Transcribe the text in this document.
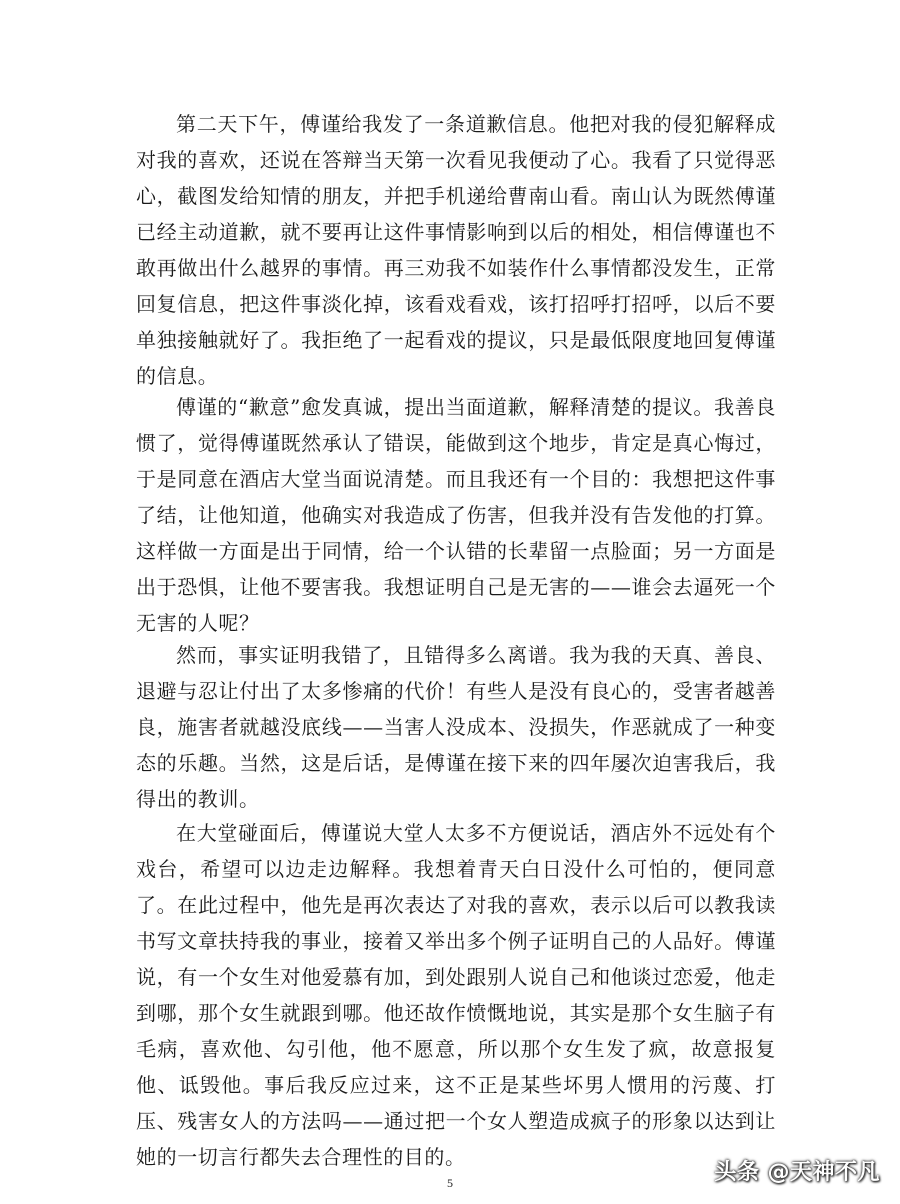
第二天下午，傅谨给我发了一条道歉信息。他把对我的侵犯解释成对我的喜欢，还说在答辩当天第一次看见我便动了心。我看了只觉得恶心，截图发给知情的朋友，并把手机递给曹南山看。南山认为既然傅谨已经主动道歉，就不要再让这件事情影响到以后的相处，相信傅谨也不敢再做出什么越界的事情。再三劝我不如装作什么事情都没发生，正常回复信息，把这件事淡化掉，该看戏看戏，该打招呼打招呼，以后不要单独接触就好了。我拒绝了一起看戏的提议，只是最低限度地回复傅谨的信息。

傅谨的“歉意”愈发真诚，提出当面道歉，解释清楚的提议。我善良惯了，觉得傅谨既然承认了错误，能做到这个地步，肯定是真心悔过，于是同意在酒店大堂当面说清楚。而且我还有一个目的：我想把这件事了结，让他知道，他确实对我造成了伤害，但我并没有告发他的打算。这样做一方面是出于同情，给一个认错的长辈留一点脸面；另一方面是出于恐惧，让他不要害我。我想证明自己是无害的——谁会去逼死一个无害的人呢？

然而，事实证明我错了，且错得多么离谱。我为我的天真、善良、退避与忍让付出了太多惨痛的代价！有些人是没有良心的，受害者越善良，施害者就越没底线——当害人没成本、没损失，作恶就成了一种变态的乐趣。当然，这是后话，是傅谨在接下来的四年屡次迫害我后，我得出的教训。

在大堂碰面后，傅谨说大堂人太多不方便说话，酒店外不远处有个戏台，希望可以边走边解释。我想着青天白日没什么可怕的，便同意了。在此过程中，他先是再次表达了对我的喜欢，表示以后可以教我读书写文章扶持我的事业，接着又举出多个例子证明自己的人品好。傅谨说，有一个女生对他爱慕有加，到处跟别人说自己和他谈过恋爱，他走到哪，那个女生就跟到哪。他还故作愤慨地说，其实是那个女生脑子有毛病，喜欢他、勾引他，他不愿意，所以那个女生发了疯，故意报复他、诋毁他。事后我反应过来，这不正是某些坏男人惯用的污蔑、打压、残害女人的方法吗——通过把一个女人塑造成疯子的形象以达到让她的一切言行都失去合理性的目的。

5	头条 @天神不凡
